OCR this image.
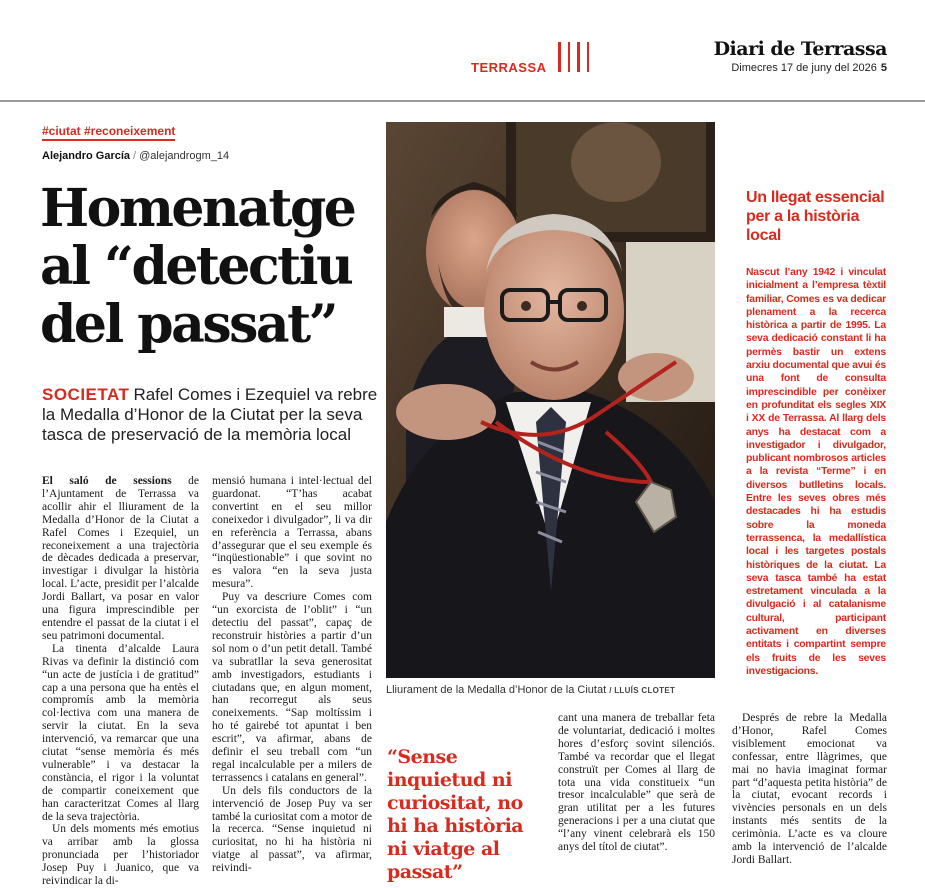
TERRASSA
Diari de Terrassa
Dimecres 17 de juny del 2026 5
#ciutat #reconeixement
Alejandro García / @alejandrogm_14
Homenatge
al “detectiu
del passat”
SOCIETAT Rafel Comes i Ezequiel va rebre la Medalla d’Honor de la Ciutat per la seva tasca de preservació de la memòria local

El saló de sessions de l’Ajuntament de Terrassa va acollir ahir el lliurament de la Medalla d’Honor de la Ciutat a Rafel Comes i Ezequiel, un reconeixement a una trajectòria de dècades dedicada a preservar, investigar i divulgar la història local. L’acte, presidit per l’alcalde Jordi Ballart, va posar en valor una figura imprescindible per entendre el passat de la ciutat i el seu patrimoni documental.

La tinenta d’alcalde Laura Rivas va definir la distinció com “un acte de justícia i de gratitud” cap a una persona que ha entès el compromís amb la memòria col·lectiva com una manera de servir la ciutat. En la seva intervenció, va remarcar que una ciutat “sense memòria és més vulnerable” i va destacar la constància, el rigor i la voluntat de compartir coneixement que han caracteritzat Comes al llarg de la seva trajectòria.

Un dels moments més emotius va arribar amb la glossa pronunciada per l’historiador Josep Puy i Juanico, que va reivindicar la di-

mensió humana i intel·lectual del guardonat. “T’has acabat convertint en el seu millor coneixedor i divulgador”, li va dir en referència a Terrassa, abans d’assegurar que el seu exemple és “inqüestionable” i que sovint no es valora “en la seva justa mesura”.

Puy va descriure Comes com “un exorcista de l’oblit” i “un detectiu del passat”, capaç de reconstruir històries a partir d’un sol nom o d’un petit detall. També va subratllar la seva generositat amb investigadors, estudiants i ciutadans que, en algun moment, han recorregut als seus coneixements. “Sap moltíssim i ho té gairebé tot apuntat i ben escrit”, va afirmar, abans de definir el seu treball com “un regal incalculable per a milers de terrassencs i catalans en general”.

Un dels fils conductors de la intervenció de Josep Puy va ser també la curiositat com a motor de la recerca. “Sense inquietud ni curiositat, no hi ha història ni viatge al passat”, va afirmar, reivindi-

Lliurament de la Medalla d’Honor de la Ciutat / LLUÍS CLOTET
“Sense inquietud ni curiositat, no hi ha història ni viatge al passat”

cant una manera de treballar feta de voluntariat, dedicació i moltes hores d’esforç sovint silenciós. També va recordar que el llegat construït per Comes al llarg de tota una vida constitueix “un tresor incalculable” que serà de gran utilitat per a les futures generacions i per a una ciutat que “l’any vinent celebrarà els 150 anys del títol de ciutat”.

Després de rebre la Medalla d’Honor, Rafel Comes visiblement emocionat va confessar, entre llàgrimes, que mai no havia imaginat formar part “d’aquesta petita història” de la ciutat, evocant records i vivències personals en un dels instants més sentits de la cerimònia. L’acte es va cloure amb la intervenció de l’alcalde Jordi Ballart.

Un llegat essencial per a la història local
Nascut l’any 1942 i vinculat inicialment a l’empresa tèxtil familiar, Comes es va dedicar plenament a la recerca històrica a partir de 1995. La seva dedicació constant li ha permès bastir un extens arxiu documental que avui és una font de consulta imprescindible per conèixer en profunditat els segles XIX i XX de Terrassa. Al llarg dels anys ha destacat com a investigador i divulgador, publicant nombrosos articles a la revista “Terme” i en diversos butlletins locals. Entre les seves obres més destacades hi ha estudis sobre la moneda terrassenca, la medallística local i les targetes postals històriques de la ciutat. La seva tasca també ha estat estretament vinculada a la divulgació i al catalanisme cultural, participant activament en diverses entitats i compartint sempre els fruits de les seves investigacions.
